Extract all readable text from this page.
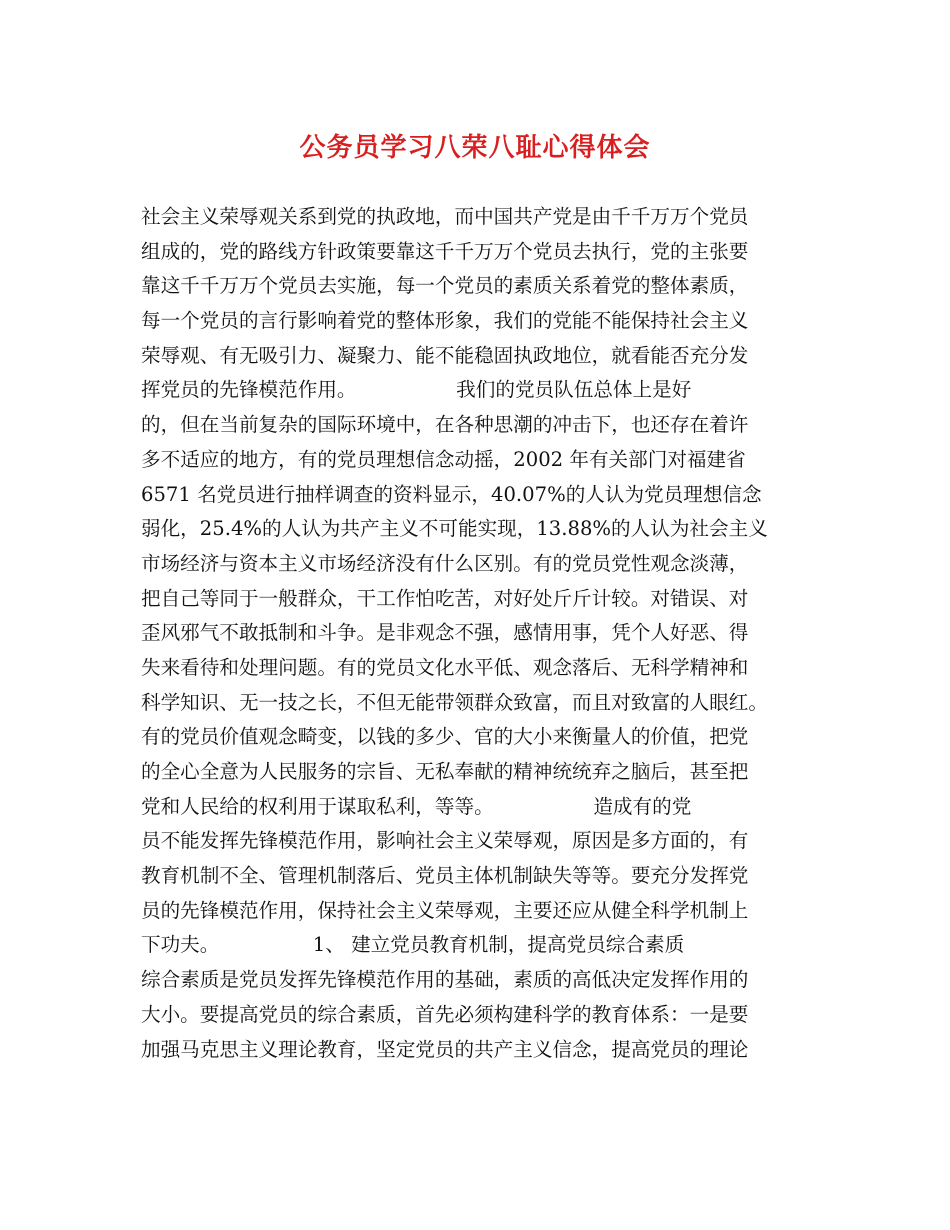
公务员学习八荣八耻心得体会
社会主义荣辱观关系到党的执政地，而中国共产党是由千千万万个党员
组成的，党的路线方针政策要靠这千千万万个党员去执行，党的主张要
靠这千千万万个党员去实施，每一个党员的素质关系着党的整体素质，
每一个党员的言行影响着党的整体形象，我们的党能不能保持社会主义
荣辱观、有无吸引力、凝聚力、能不能稳固执政地位，就看能否充分发
挥党员的先锋模范作用。                我们的党员队伍总体上是好
的，但在当前复杂的国际环境中，在各种思潮的冲击下，也还存在着许
多不适应的地方，有的党员理想信念动摇，2002 年有关部门对福建省
6571 名党员进行抽样调查的资料显示，40.07%的人认为党员理想信念
弱化，25.4%的人认为共产主义不可能实现，13.88%的人认为社会主义
市场经济与资本主义市场经济没有什么区别。有的党员党性观念淡薄，
把自己等同于一般群众，干工作怕吃苦，对好处斤斤计较。对错误、对
歪风邪气不敢抵制和斗争。是非观念不强，感情用事，凭个人好恶、得
失来看待和处理问题。有的党员文化水平低、观念落后、无科学精神和
科学知识、无一技之长，不但无能带领群众致富，而且对致富的人眼红。
有的党员价值观念畸变，以钱的多少、官的大小来衡量人的价值，把党
的全心全意为人民服务的宗旨、无私奉献的精神统统弃之脑后，甚至把
党和人民给的权利用于谋取私利，等等。                造成有的党
员不能发挥先锋模范作用，影响社会主义荣辱观，原因是多方面的，有
教育机制不全、管理机制落后、党员主体机制缺失等等。要充分发挥党
员的先锋模范作用，保持社会主义荣辱观，主要还应从健全科学机制上
下功夫。               1、 建立党员教育机制，提高党员综合素质
综合素质是党员发挥先锋模范作用的基础，素质的高低决定发挥作用的
大小。要提高党员的综合素质，首先必须构建科学的教育体系：一是要
加强马克思主义理论教育，坚定党员的共产主义信念，提高党员的理论
